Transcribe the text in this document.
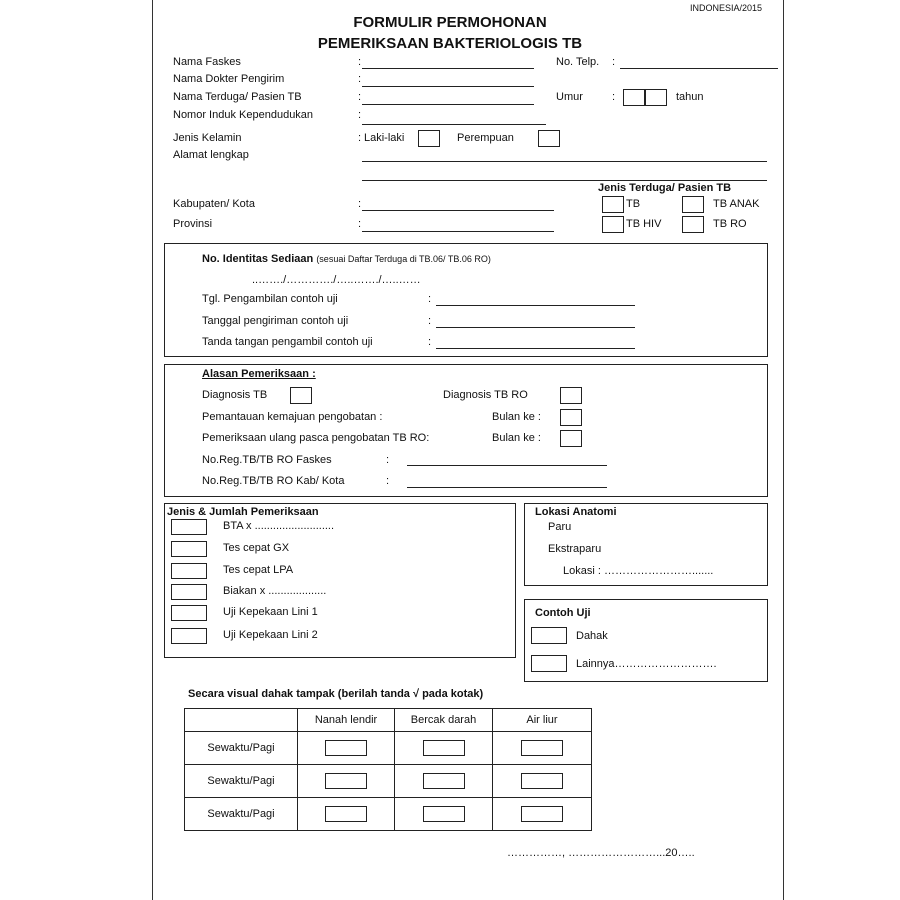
INDONESIA/2015
FORMULIR PERMOHONAN
PEMERIKSAAN BAKTERIOLOGIS TB
Nama Faskes	:	No. Telp. :
Nama Dokter Pengirim	:
Nama Terduga/ Pasien TB	:	Umur	:	tahun
Nomor Induk Kependudukan	:
Jenis Kelamin	: Laki-laki	Perempuan
Alamat lengkap
Kabupaten/ Kota	:
Provinsi	:
Jenis Terduga/ Pasien TB
TB	TB ANAK
TB HIV	TB RO
No. Identitas Sediaan (sesuai Daftar Terduga di TB.06/ TB.06 RO)
..……./…………./…..……./…..……
Tgl. Pengambilan contoh uji	:
Tanggal pengiriman contoh uji	:
Tanda tangan pengambil contoh uji	:
Alasan Pemeriksaan :
Diagnosis TB	Diagnosis TB RO
Pemantauan kemajuan pengobatan :	Bulan ke :
Pemeriksaan ulang pasca pengobatan TB RO:	Bulan ke :
No.Reg.TB/TB RO Faskes	:
No.Reg.TB/TB RO Kab/ Kota	:
Jenis & Jumlah Pemeriksaan
BTA x ..........................
Tes cepat GX
Tes cepat LPA
Biakan x ...................
Uji Kepekaan Lini 1
Uji Kepekaan Lini 2
Lokasi Anatomi
Paru
Ekstraparu
Lokasi : …………………….......
Contoh Uji
Dahak
Lainnya……………………….
Secara visual dahak tampak (berilah tanda √ pada kotak)
	Nanah lendir	Bercak darah	Air liur
Sewaktu/Pagi			
Sewaktu/Pagi			
Sewaktu/Pagi			
……………, ……………………...20…..
